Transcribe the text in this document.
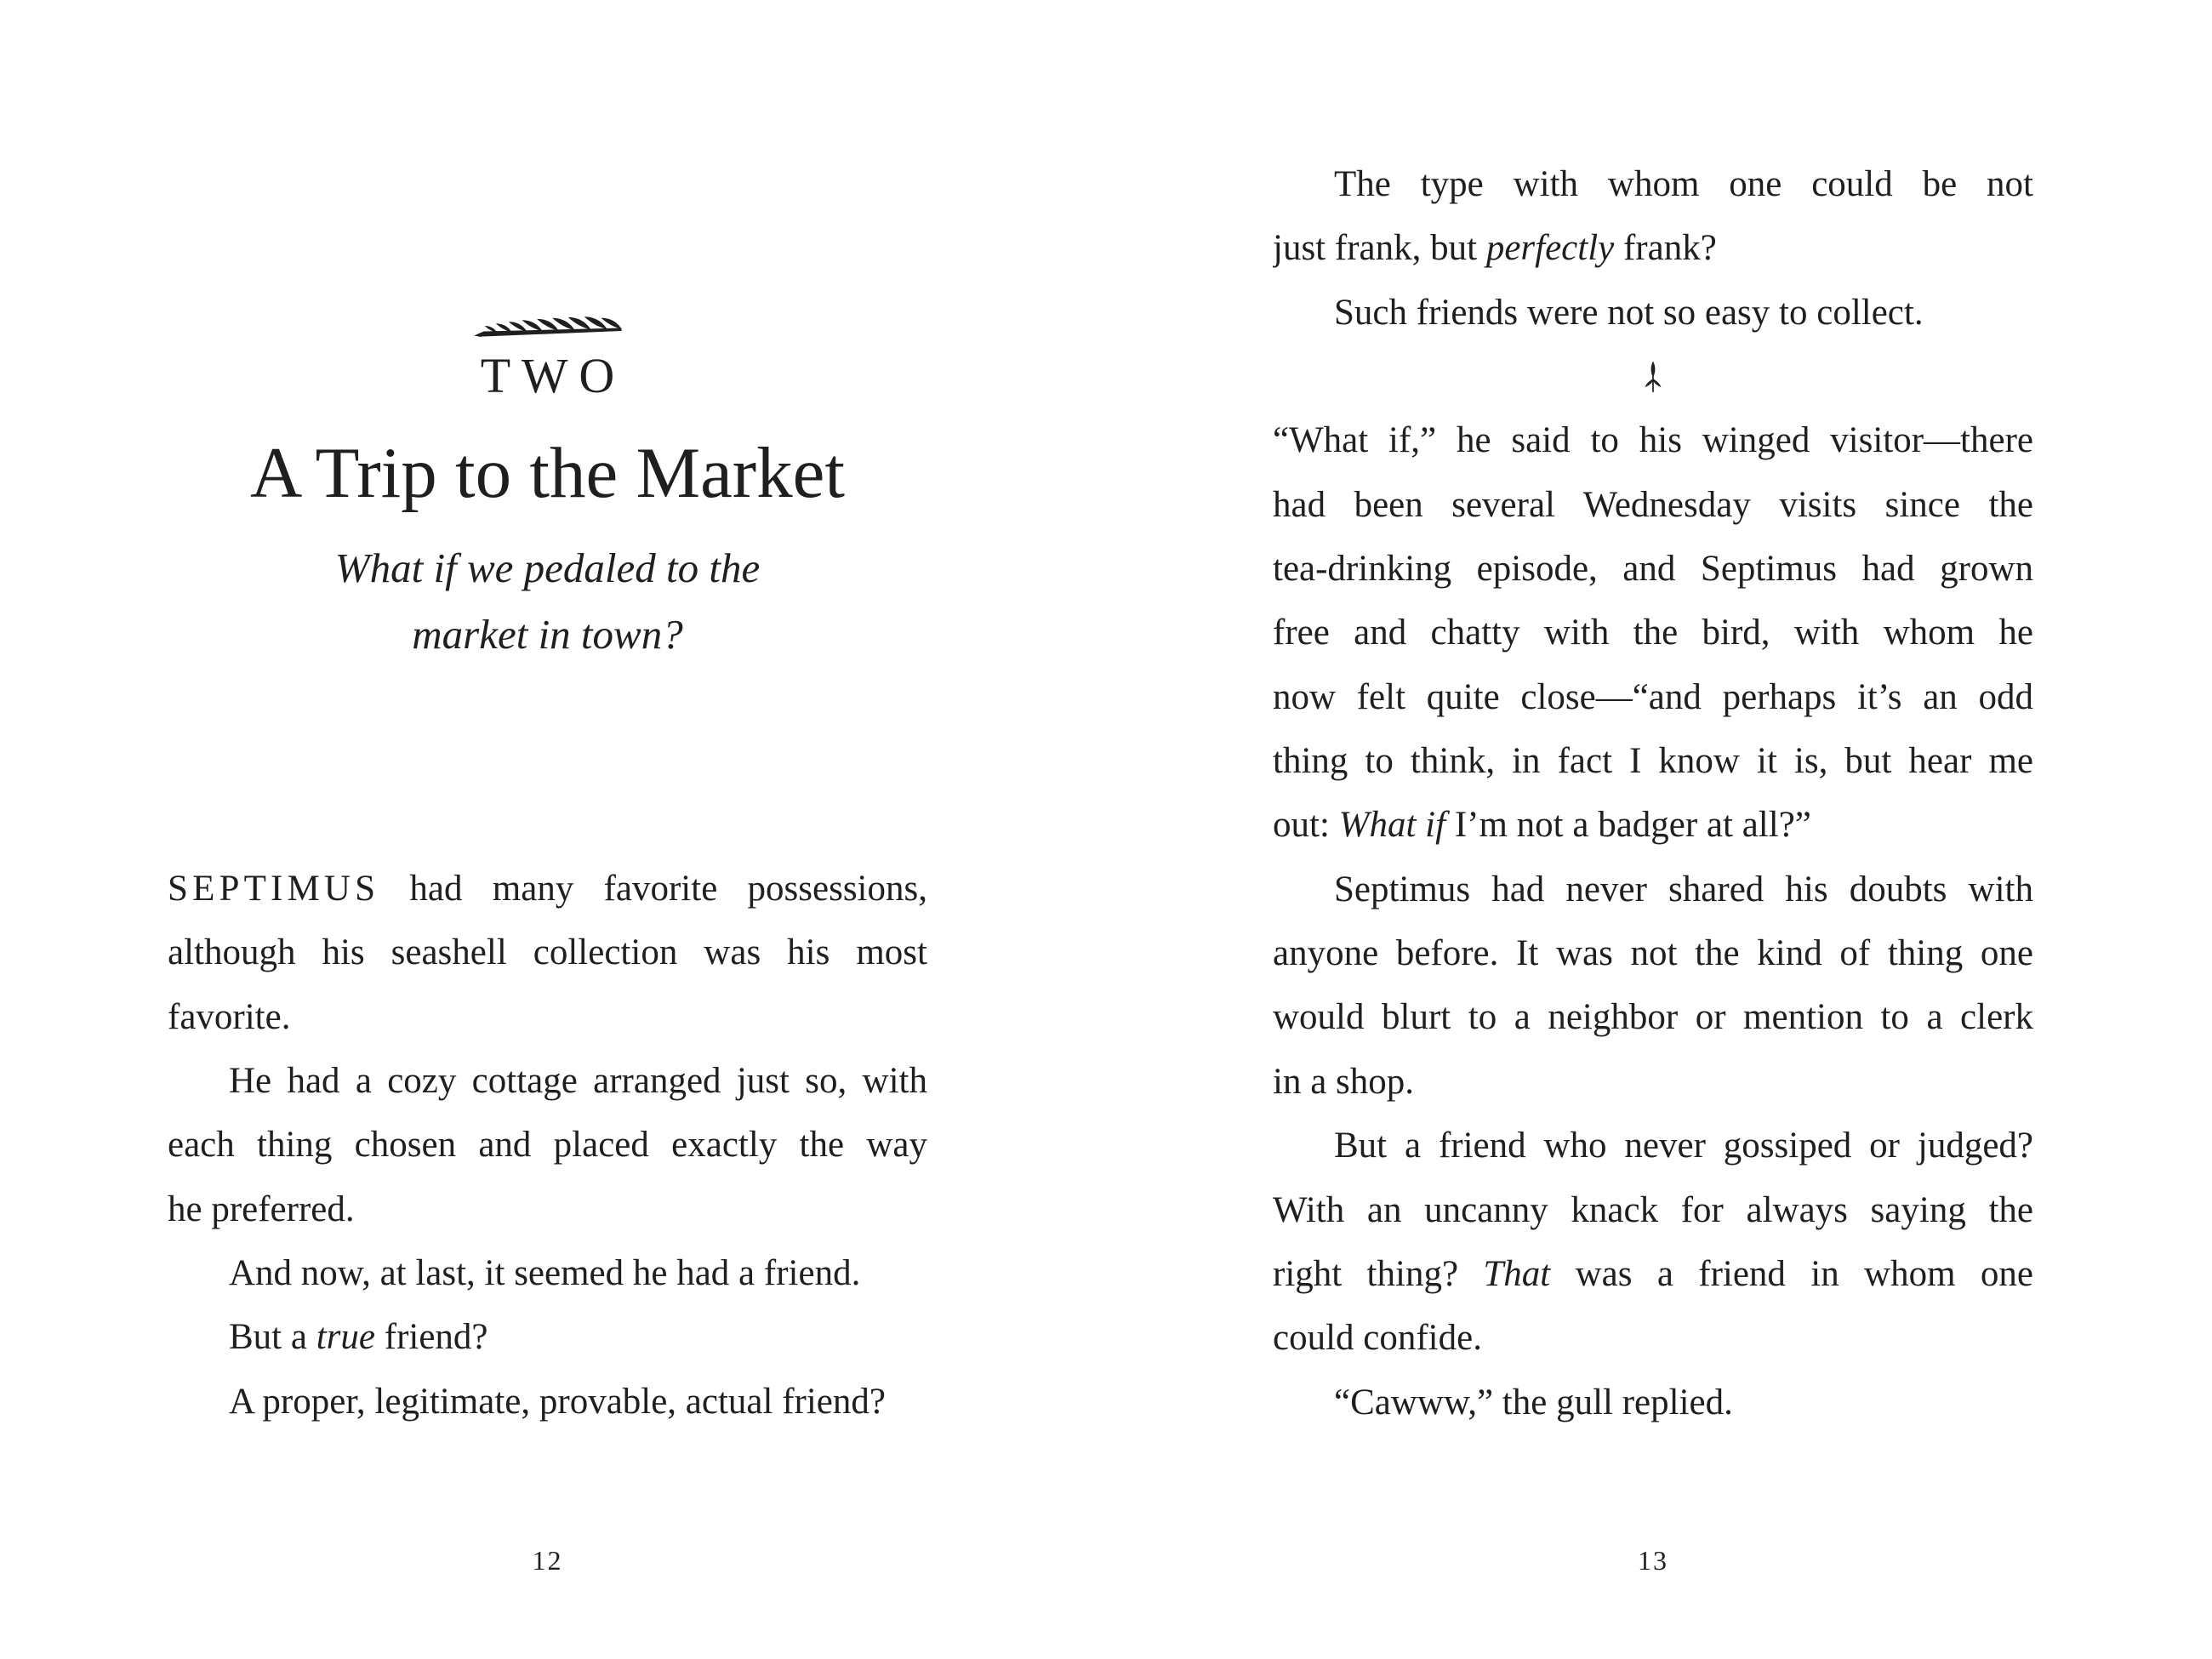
TWO
A Trip to the Market
What if we pedaled to the
market in town?
SEPTIMUS had many favorite possessions,
although his seashell collection was his most
favorite.
He had a cozy cottage arranged just so, with
each thing chosen and placed exactly the way
he preferred.
And now, at last, it seemed he had a friend.
But a true friend?
A proper, legitimate, provable, actual friend?
12
The type with whom one could be not
just frank, but perfectly frank?
Such friends were not so easy to collect.
“What if,” he said to his winged visitor—there
had been several Wednesday visits since the
tea-drinking episode, and Septimus had grown
free and chatty with the bird, with whom he
now felt quite close—“and perhaps it’s an odd
thing to think, in fact I know it is, but hear me
out: What if I’m not a badger at all?”
Septimus had never shared his doubts with
anyone before. It was not the kind of thing one
would blurt to a neighbor or mention to a clerk
in a shop.
But a friend who never gossiped or judged?
With an uncanny knack for always saying the
right thing? That was a friend in whom one
could confide.
“Cawww,” the gull replied.
13
